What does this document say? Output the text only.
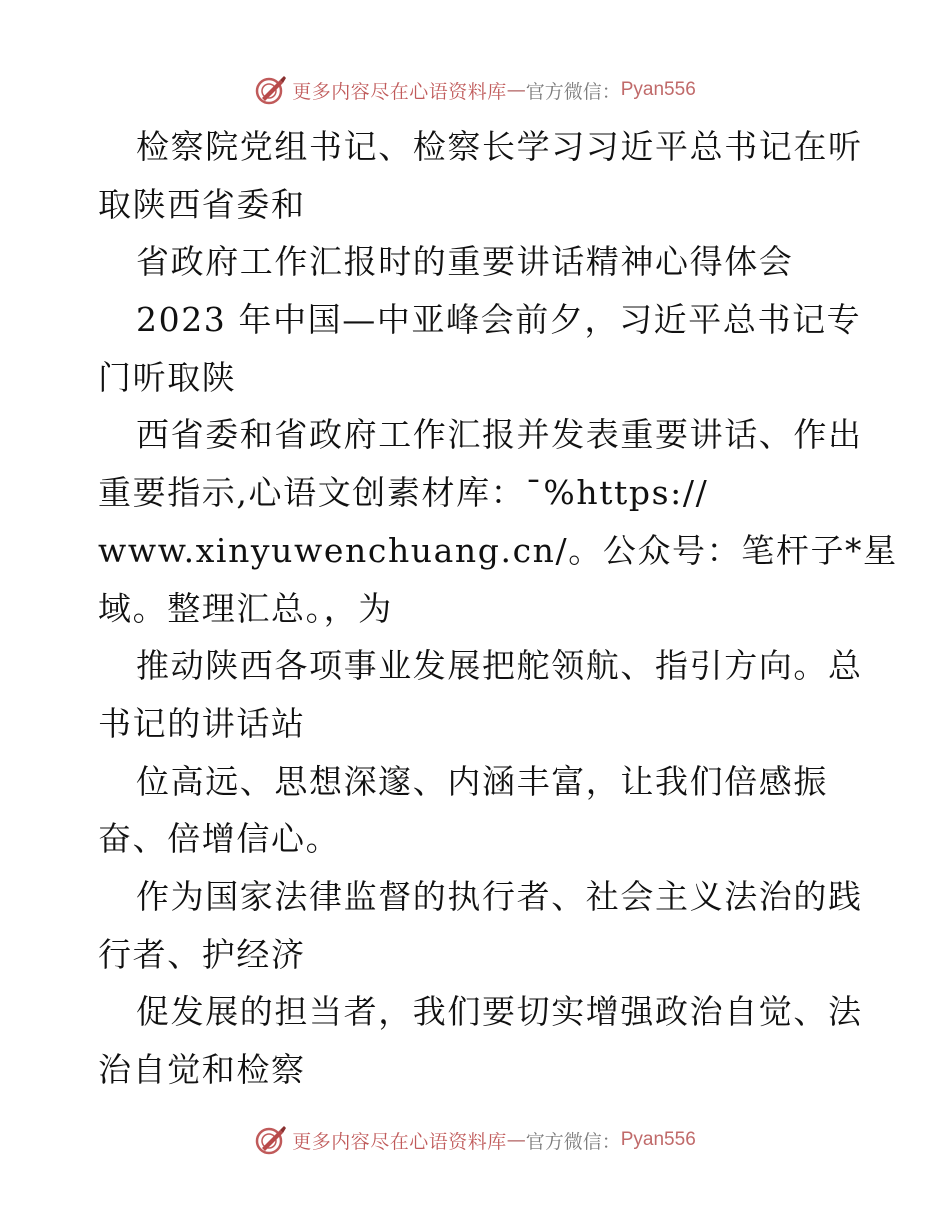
更多内容尽在心语资料库 — 官方微信： Pyan556
检察院党组书记、检察长学习习近平总书记在听
取陕西省委和
省政府工作汇报时的重要讲话精神心得体会
2023 年中国—中亚峰会前夕，习近平总书记专
门听取陕
西省委和省政府工作汇报并发表重要讲话、作出
重要指示,心语文创素材库：¯%https://
www.xinyuwenchuang.cn/。公众号：笔杆子*星
域。整理汇总。，为
推动陕西各项事业发展把舵领航、指引方向。总
书记的讲话站
位高远、思想深邃、内涵丰富，让我们倍感振
奋、倍增信心。
作为国家法律监督的执行者、社会主义法治的践
行者、护经济
促发展的担当者，我们要切实增强政治自觉、法
治自觉和检察
更多内容尽在心语资料库 — 官方微信： Pyan556
